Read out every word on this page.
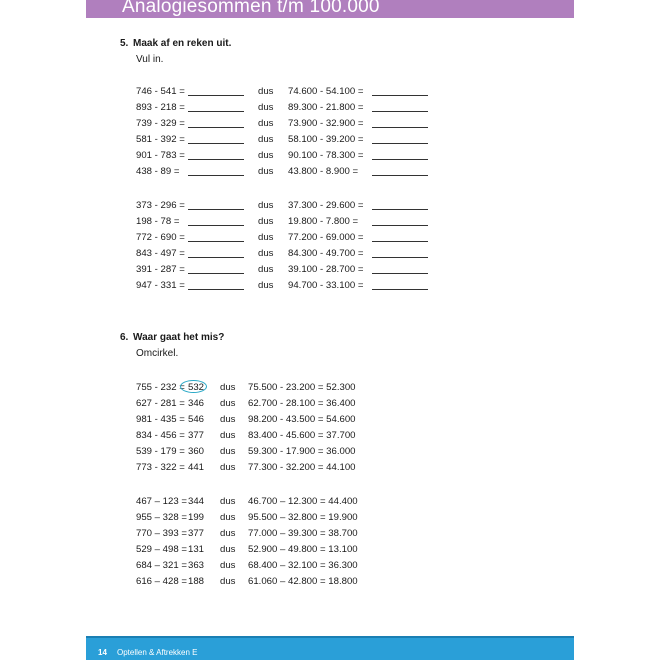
Analogiesommen t/m 100.000
5. Maak af en reken uit.
Vul in.
746 - 541 =	dus 74.600 - 54.100 =
893 - 218 =	dus 89.300 - 21.800 =
739 - 329 =	dus 73.900 - 32.900 =
581 - 392 =	dus 58.100 - 39.200 =
901 - 783 =	dus 90.100 - 78.300 =
438 - 89 =	dus 43.800 - 8.900 =
373 - 296 =	dus 37.300 - 29.600 =
198 - 78 =	dus 19.800 - 7.800 =
772 - 690 =	dus 77.200 - 69.000 =
843 - 497 =	dus 84.300 - 49.700 =
391 - 287 =	dus 39.100 - 28.700 =
947 - 331 =	dus 94.700 - 33.100 =
6. Waar gaat het mis?
Omcirkel.
755 - 232 = 532 dus 75.500 - 23.200 = 52.300
627 - 281 = 346 dus 62.700 - 28.100 = 36.400
981 - 435 = 546 dus 98.200 - 43.500 = 54.600
834 - 456 = 377 dus 83.400 - 45.600 = 37.700
539 - 179 = 360 dus 59.300 - 17.900 = 36.000
773 - 322 = 441 dus 77.300 - 32.200 = 44.100
467 – 123 = 344 dus 46.700 – 12.300 = 44.400
955 – 328 = 199 dus 95.500 – 32.800 = 19.900
770 – 393 = 377 dus 77.000 – 39.300 = 38.700
529 – 498 = 131 dus 52.900 – 49.800 = 13.100
684 – 321 = 363 dus 68.400 – 32.100 = 36.300
616 – 428 = 188 dus 61.060 – 42.800 = 18.800
14 Optellen & Aftrekken E
